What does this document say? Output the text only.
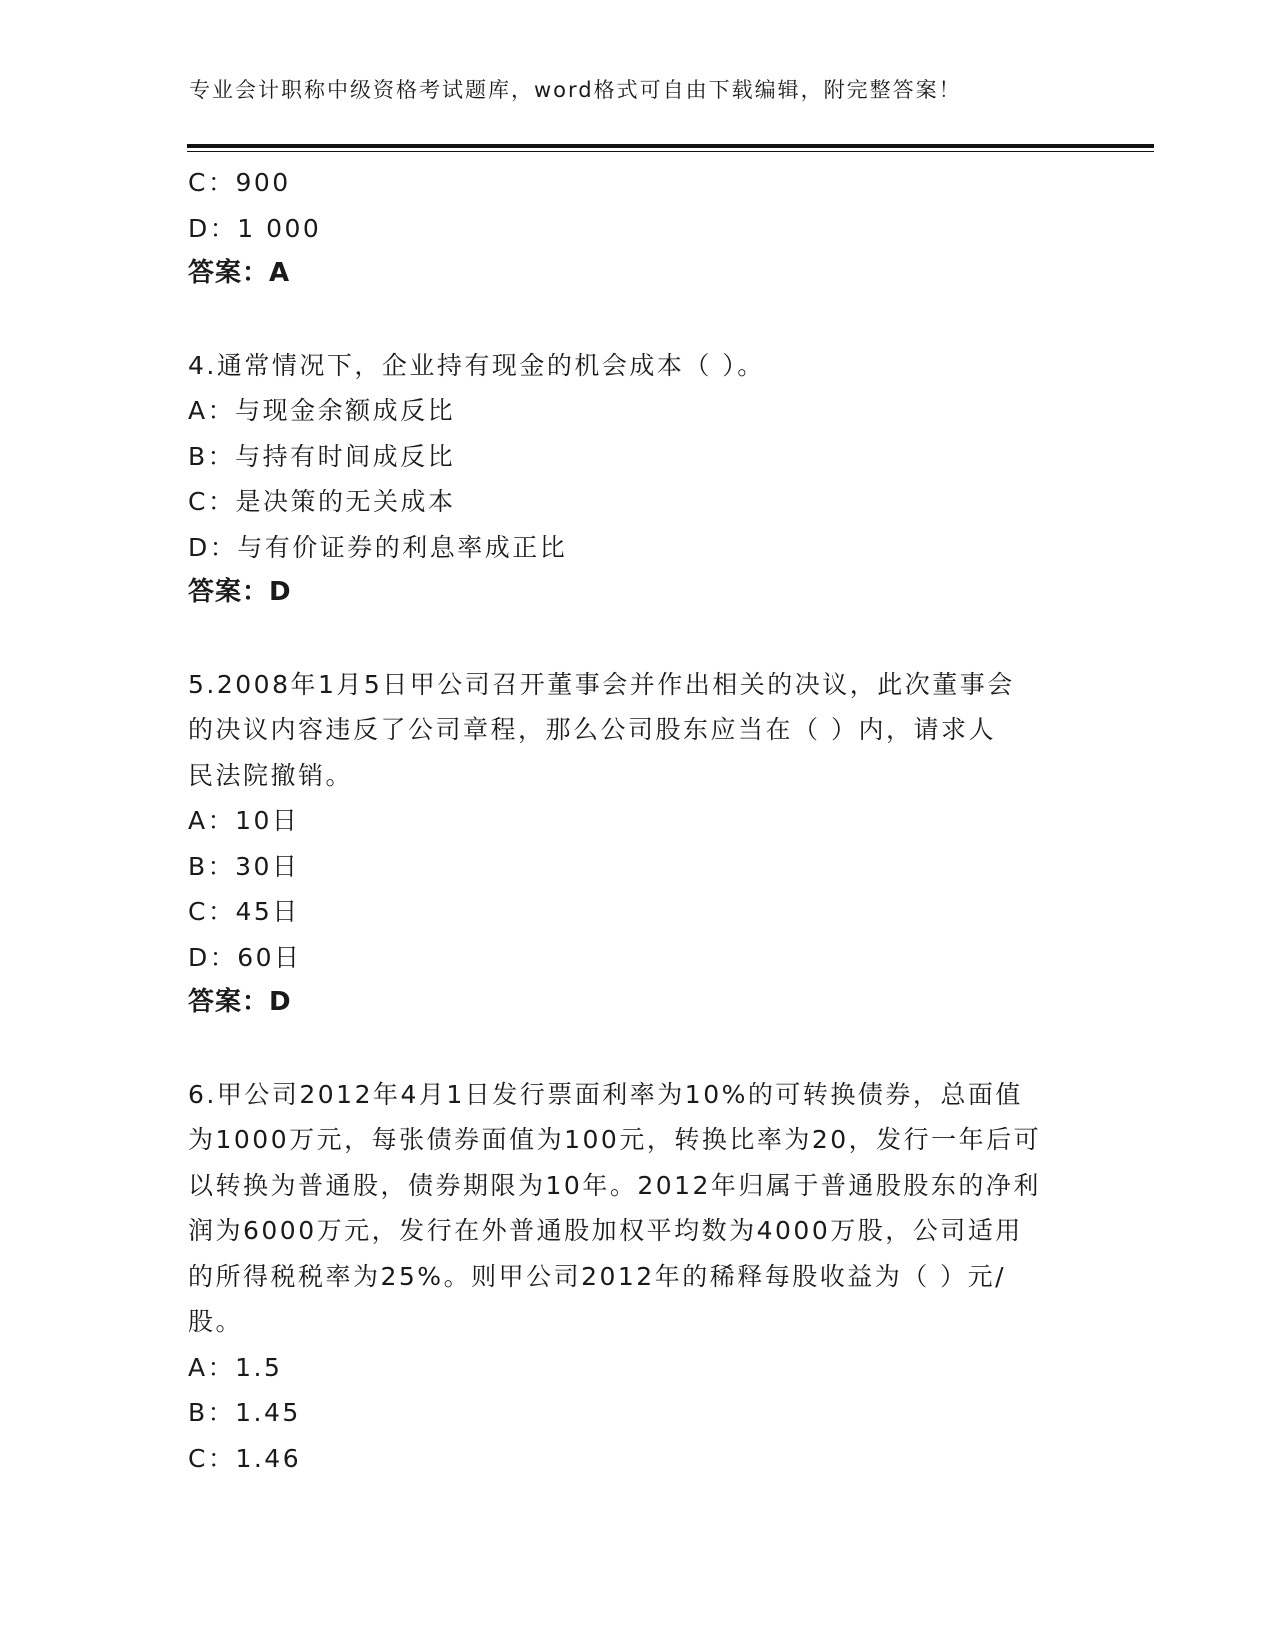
专业会计职称中级资格考试题库，word格式可自由下载编辑，附完整答案！
C：900
D：1 000
答案：A
4.通常情况下，企业持有现金的机会成本（ ）。
A：与现金余额成反比
B：与持有时间成反比
C：是决策的无关成本
D：与有价证券的利息率成正比
答案：D
5.2008年1月5日甲公司召开董事会并作出相关的决议，此次董事会
的决议内容违反了公司章程，那么公司股东应当在（ ）内，请求人
民法院撤销。
A：10日
B：30日
C：45日
D：60日
答案：D
6.甲公司2012年4月1日发行票面利率为10%的可转换债券，总面值
为1000万元，每张债券面值为100元，转换比率为20，发行一年后可
以转换为普通股，债券期限为10年。2012年归属于普通股股东的净利
润为6000万元，发行在外普通股加权平均数为4000万股，公司适用
的所得税税率为25%。则甲公司2012年的稀释每股收益为（ ）元/
股。
A：1.5
B：1.45
C：1.46
